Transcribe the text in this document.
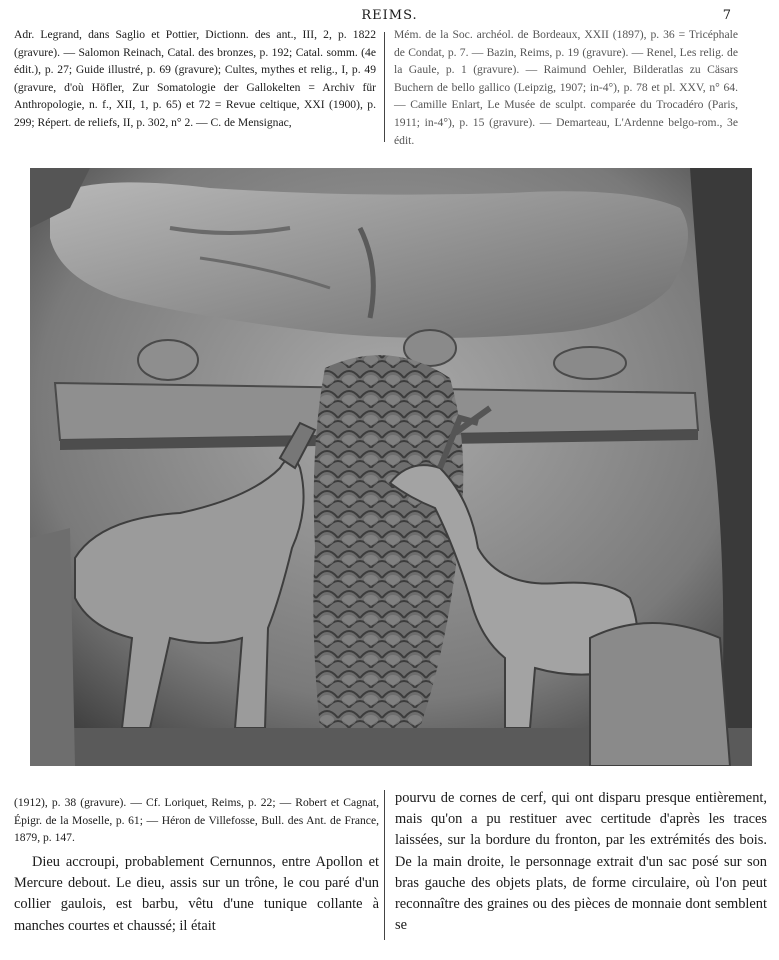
REIMS.	7
Adr. Legrand, dans Saglio et Pottier, Dictionn. des ant., III, 2, p. 1822 (gravure). — Salomon Reinach, Catal. des bronzes, p. 192; Catal. somm. (4e édit.), p. 27; Guide illustré, p. 69 (gravure); Cultes, mythes et relig., I, p. 49 (gravure, d'où Höfler, Zur Somatologie der Gallokelten = Archiv für Anthropologie, n. f., XII, 1, p. 65) et 72 = Revue celtique, XXI (1900), p. 299; Répert. de reliefs, II, p. 302, n° 2. — C. de Mensignac,
Mém. de la Soc. archéol. de Bordeaux, XXII (1897), p. 36 = Tricéphale de Condat, p. 7. — Bazin, Reims, p. 19 (gravure). — Renel, Les relig. de la Gaule, p. 1 (gravure). — Raimund Oehler, Bilderatlas zu Cäsars Buchern de bello gallico (Leipzig, 1907; in-4°), p. 78 et pl. XXV, n° 64. — Camille Enlart, Le Musée de sculpt. comparée du Trocadéro (Paris, 1911; in-4°), p. 15 (gravure). — Demarteau, L'Ardenne belgo-rom., 3e édit.
(1912), p. 38 (gravure). — Cf. Loriquet, Reims, p. 22; — Robert et Cagnat, Épigr. de la Moselle, p. 61; — Héron de Villefosse, Bull. des Ant. de France, 1879, p. 147.
Dieu accroupi, probablement Cernunnos, entre Apollon et Mercure debout. Le dieu, assis sur un trône, le cou paré d'un collier gaulois, est barbu, vêtu d'une tunique collante à manches courtes et chaussé; il était
pourvu de cornes de cerf, qui ont disparu presque entièrement, mais qu'on a pu restituer avec certitude d'après les traces laissées, sur la bordure du fronton, par les extrémités des bois. De la main droite, le personnage extrait d'un sac posé sur son bras gauche des objets plats, de forme circulaire, où l'on peut reconnaître des graines ou des pièces de monnaie dont semblent se
